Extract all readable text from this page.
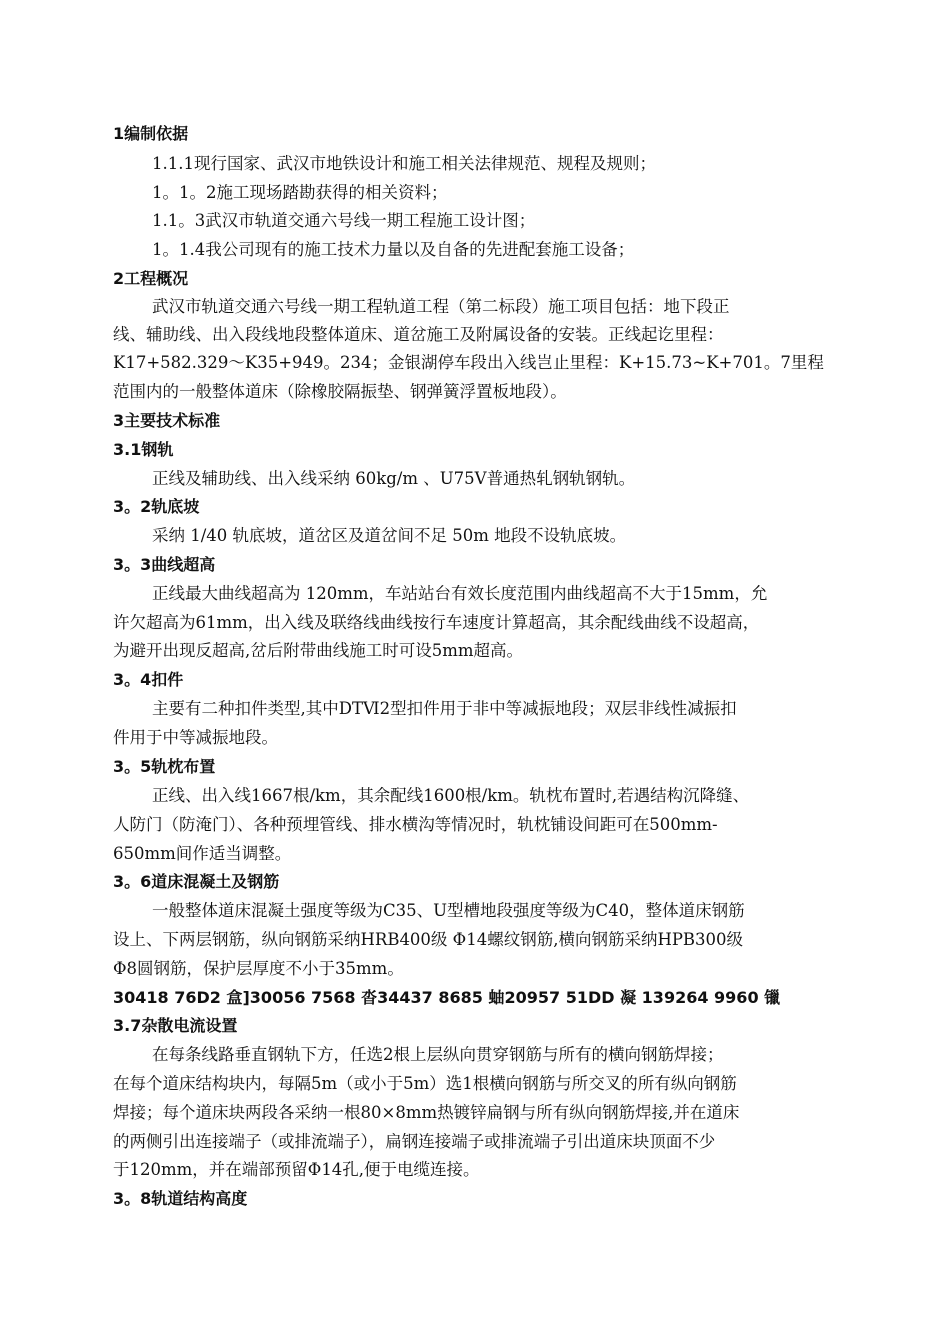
1编制依据
1.1.1现行国家、武汉市地铁设计和施工相关法律规范、规程及规则；
1。1。2施工现场踏勘获得的相关资料；
1.1。3武汉市轨道交通六号线一期工程施工设计图；
1。1.4我公司现有的施工技术力量以及自备的先进配套施工设备；
2工程概况
武汉市轨道交通六号线一期工程轨道工程（第二标段）施工项目包括：地下段正
线、辅助线、出入段线地段整体道床、道岔施工及附属设备的安装。正线起讫里程：
K17+582.329～K35+949。234；金银湖停车段出入线岂止里程：K+15.73~K+701。7里程
范围内的一般整体道床（除橡胶隔振垫、钢弹簧浮置板地段）。
3主要技术标准
3.1钢轨
正线及辅助线、出入线采纳 60kg/m 、U75V普通热轧钢轨钢轨。
3。2轨底坡
采纳 1/40 轨底坡，道岔区及道岔间不足 50m 地段不设轨底坡。
3。3曲线超高
正线最大曲线超高为 120mm，车站站台有效长度范围内曲线超高不大于15mm，允
许欠超高为61mm，出入线及联络线曲线按行车速度计算超高，其余配线曲线不设超高，
为避开出现反超高,岔后附带曲线施工时可设5mm超高。
3。4扣件
主要有二种扣件类型,其中DTⅥ2型扣件用于非中等减振地段；双层非线性减振扣
件用于中等减振地段。
3。5轨枕布置
正线、出入线1667根/km，其余配线1600根/km。轨枕布置时,若遇结构沉降缝、
人防门（防淹门）、各种预埋管线、排水横沟等情况时，轨枕铺设间距可在500mm-
650mm间作适当调整。
3。6道床混凝土及钢筋
一般整体道床混凝土强度等级为C35、U型槽地段强度等级为C40，整体道床钢筋
设上、下两层钢筋，纵向钢筋采纳HRB400级 Φ14螺纹钢筋,横向钢筋采纳HPB300级
Φ8圆钢筋，保护层厚度不小于35mm。
30418 76D2 盒]30056 7568 沓34437 8685 蚰20957 51DD 凝 139264 9960 镴
3.7杂散电流设置
在每条线路垂直钢轨下方，任选2根上层纵向贯穿钢筋与所有的横向钢筋焊接；
在每个道床结构块内，每隔5m（或小于5m）选1根横向钢筋与所交叉的所有纵向钢筋
焊接；每个道床块两段各采纳一根80×8mm热镀锌扁钢与所有纵向钢筋焊接,并在道床
的两侧引出连接端子（或排流端子），扁钢连接端子或排流端子引出道床块顶面不少
于120mm，并在端部预留Φ14孔,便于电缆连接。
3。8轨道结构高度
